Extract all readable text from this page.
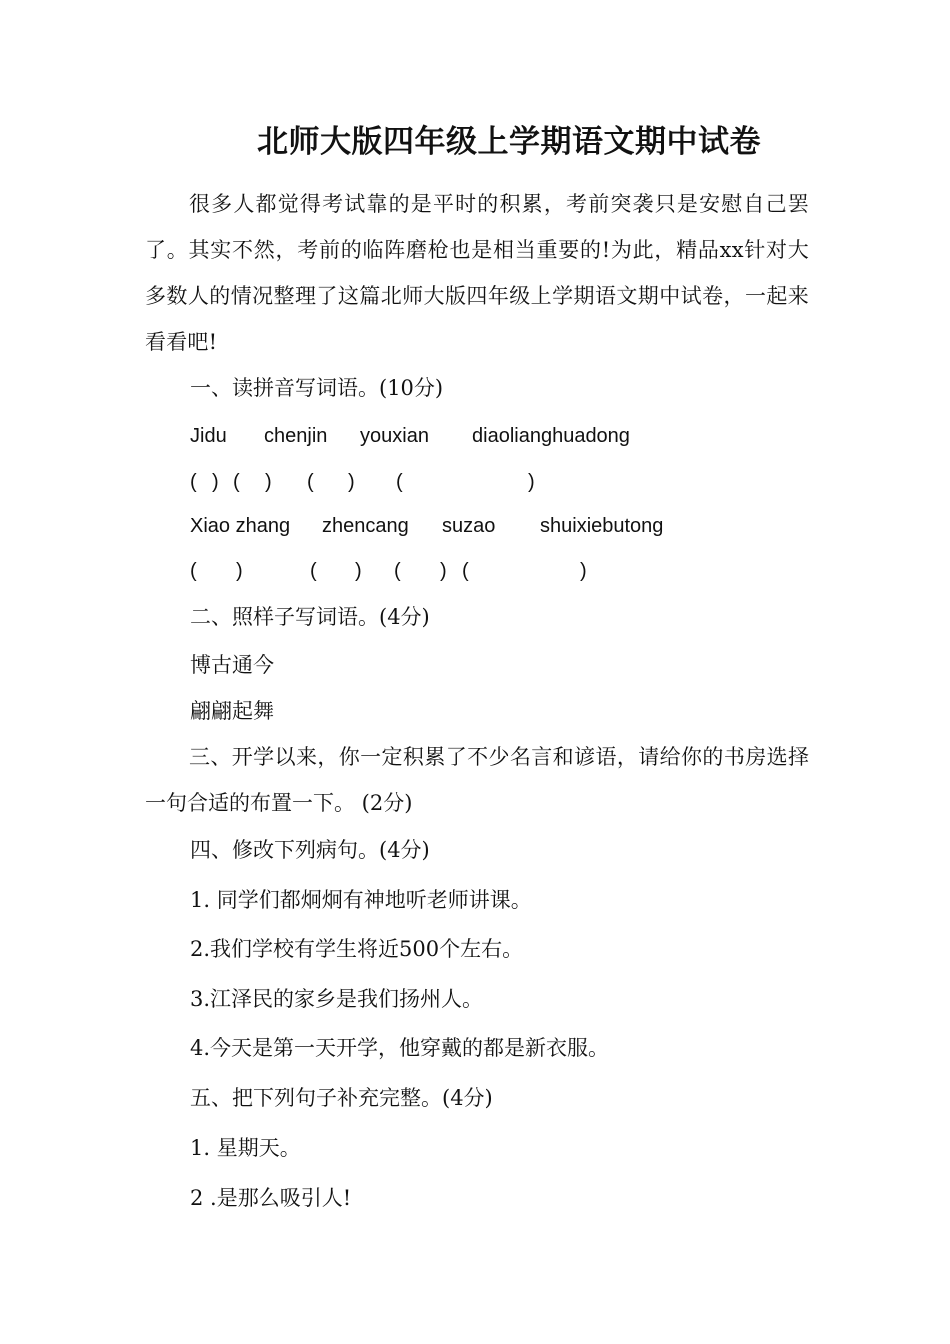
北师大版四年级上学期语文期中试卷
很多人都觉得考试靠的是平时的积累，考前突袭只是安慰自己罢了。其实不然，考前的临阵磨枪也是相当重要的!为此，精品xx针对大多数人的情况整理了这篇北师大版四年级上学期语文期中试卷，一起来看看吧!
一、读拼音写词语。(10分)
Jidu chenjin youxian diaolianghuadong
( ) ( ) ( ) (	)
Xiao zhang zhencang suzao shuixiebutong
( )	( ) ( ) (	)
二、照样子写词语。(4分)
博古通今
翩翩起舞
三、开学以来，你一定积累了不少名言和谚语，请给你的书房选择一句合适的布置一下。 (2分)
四、修改下列病句。(4分)
1. 同学们都炯炯有神地听老师讲课。
2.我们学校有学生将近500个左右。
3.江泽民的家乡是我们扬州人。
4.今天是第一天开学，他穿戴的都是新衣服。
五、把下列句子补充完整。(4分)
1. 星期天。
2 .是那么吸引人!
